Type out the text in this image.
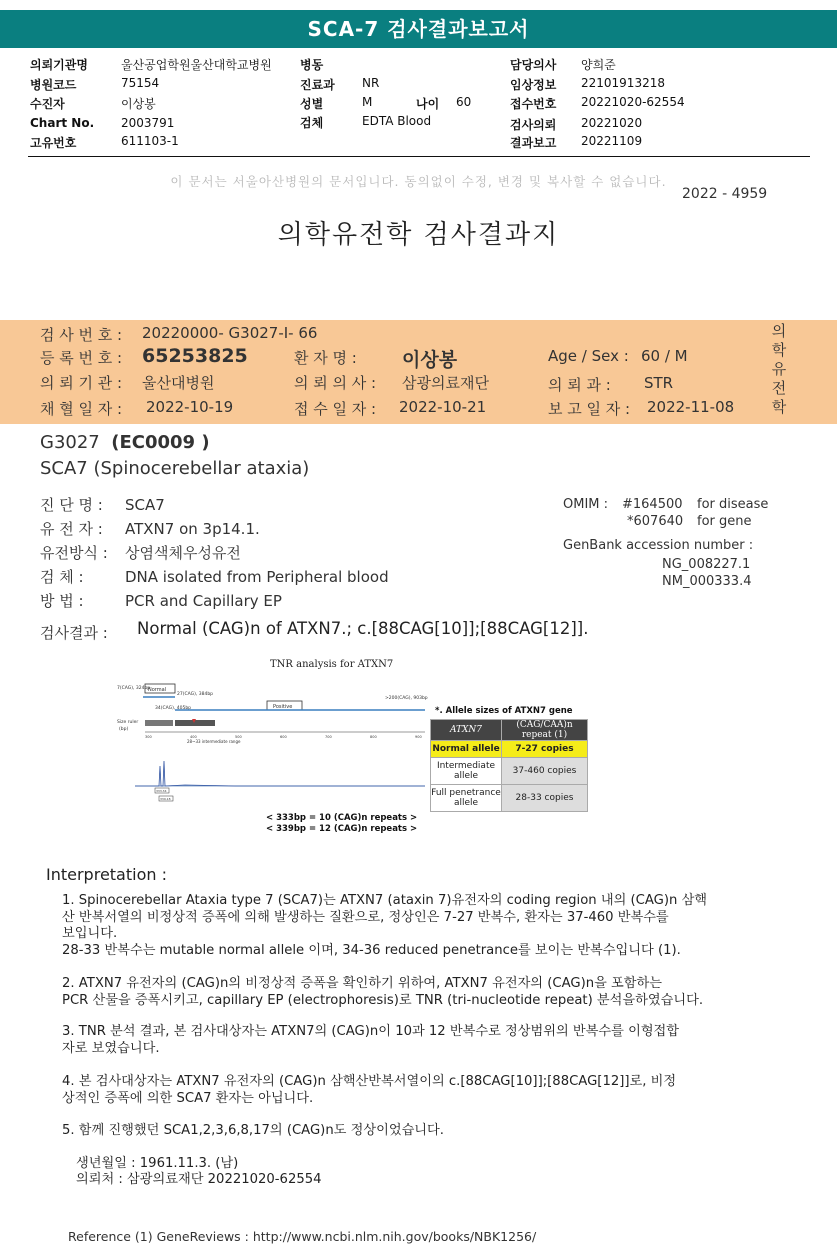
SCA-7 검사결과보고서
의뢰기관명	울산공업학원울산대학교병원 병동	담당의사 양희준
병원코드	75154	진료과 NR	임상정보 22101913218
수진자	이상봉	성별	M	나이 60	접수번호 20221020-62554
Chart No. 2003791	검체	EDTA Blood	검사의뢰 20221020
고유번호	611103-1	결과보고 20221109
이 문서는 서울아산병원의 문서입니다. 동의없이 수정, 변경 및 복사할 수 없습니다.
2022 - 4959
의학유전학 검사결과지
검 사 번 호 : 20220000- G3027-I- 66
등 록 번 호 : 65253825	환 자 명 : 이상봉	Age / Sex : 60 / M
의 뢰 기 관 : 울산대병원	의 뢰 의 사 : 삼광의료재단	의 뢰 과 : STR
채 혈 일 자 : 2022-10-19	접 수 일 자 : 2022-10-21	보 고 일 자 : 2022-11-08
의
학
유
전
학
G3027 (EC0009 )
SCA7 (Spinocerebellar ataxia)
진 단 명 : SCA7
유 전 자 : ATXN7 on 3p14.1.
유전방식 : 상염색체우성유전
검 체 :	DNA isolated from Peripheral blood
방 법 :	PCR and Capillary EP
OMIM : #164500 for disease
*607640 for gene
GenBank accession number :
NG_008227.1
NM_000333.4
검사결과 : Normal (CAG)n of ATXN7.; c.[88CAG[10]];[88CAG[12]].
TNR analysis for ATXN7
Normal
7(CAG), 324bp
27(CAG), 384bp
Positive
34(CAG), 405bp
>200(CAG), 903bp
Size ruler
(bp)
300	400	500	600	700	800	900
28~33 intermediate range
333.34
339.18
*. Allele sizes of ATXN7 gene
ATXN7	(CAG/CAA)n repeat (1)
Normal allele	7-27 copies
Intermediate allele	37-460 copies
Full penetrance allele	28-33 copies
< 333bp = 10 (CAG)n repeats >
< 339bp = 12 (CAG)n repeats >
Interpretation :
1. Spinocerebellar Ataxia type 7 (SCA7)는 ATXN7 (ataxin 7)유전자의 coding region 내의 (CAG)n 삼핵
산 반복서열의 비정상적 증폭에 의해 발생하는 질환으로, 정상인은 7-27 반복수, 환자는 37-460 반복수를
보입니다.
28-33 반복수는 mutable normal allele 이며, 34-36 reduced penetrance를 보이는 반복수입니다 (1).
2. ATXN7 유전자의 (CAG)n의 비정상적 증폭을 확인하기 위하여, ATXN7 유전자의 (CAG)n을 포함하는
PCR 산물을 증폭시키고, capillary EP (electrophoresis)로 TNR (tri-nucleotide repeat) 분석을하였습니다.
3. TNR 분석 결과, 본 검사대상자는 ATXN7의 (CAG)n이 10과 12 반복수로 정상범위의 반복수를 이형접합
자로 보였습니다.
4. 본 검사대상자는 ATXN7 유전자의 (CAG)n 삼핵산반복서열이의 c.[88CAG[10]];[88CAG[12]]로, 비정
상적인 증폭에 의한 SCA7 환자는 아닙니다.
5. 함께 진행했던 SCA1,2,3,6,8,17의 (CAG)n도 정상이었습니다.
생년월일 : 1961.11.3. (남)
의뢰처 : 삼광의료재단 20221020-62554
Reference (1) GeneReviews : http://www.ncbi.nlm.nih.gov/books/NBK1256/
